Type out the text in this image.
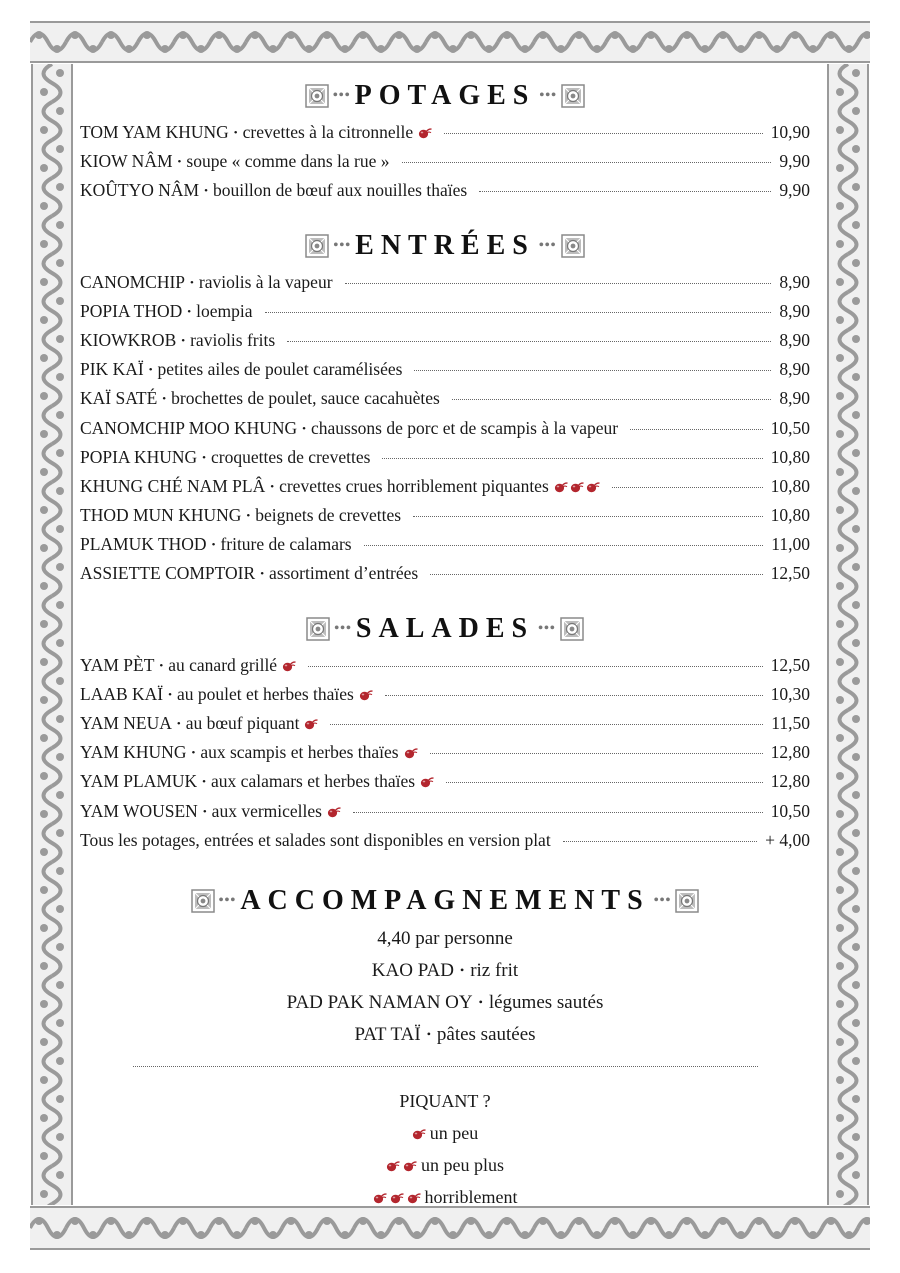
••• POTAGES •••
TOM YAM KHUNG • crevettes à la citronnelle	10,90
KIOW NÂM • soupe « comme dans la rue »	9,90
KOÛTYO NÂM • bouillon de bœuf aux nouilles thaïes	9,90
••• ENTRÉES •••
CANOMCHIP • raviolis à la vapeur	8,90
POPIA THOD • loempia	8,90
KIOWKROB • raviolis frits	8,90
PIK KAÏ • petites ailes de poulet caramélisées	8,90
KAÏ SATÉ • brochettes de poulet, sauce cacahuètes	8,90
CANOMCHIP MOO KHUNG • chaussons de porc et de scampis à la vapeur	10,50
POPIA KHUNG • croquettes de crevettes	10,80
KHUNG CHÉ NAM PLÂ • crevettes crues horriblement piquantes	10,80
THOD MUN KHUNG • beignets de crevettes	10,80
PLAMUK THOD • friture de calamars	11,00
ASSIETTE COMPTOIR • assortiment d’entrées	12,50
••• SALADES •••
YAM PÈT • au canard grillé	12,50
LAAB KAÏ • au poulet et herbes thaïes	10,30
YAM NEUA • au bœuf piquant	11,50
YAM KHUNG • aux scampis et herbes thaïes	12,80
YAM PLAMUK • aux calamars et herbes thaïes	12,80
YAM WOUSEN • aux vermicelles	10,50
Tous les potages, entrées et salades sont disponibles en version plat	+ 4,00
••• ACCOMPAGNEMENTS •••
4,40 par personne
KAO PAD • riz frit
PAD PAK NAMAN OY • légumes sautés
PAT TAÏ • pâtes sautées
PIQUANT ?
un peu
un peu plus
horriblement
